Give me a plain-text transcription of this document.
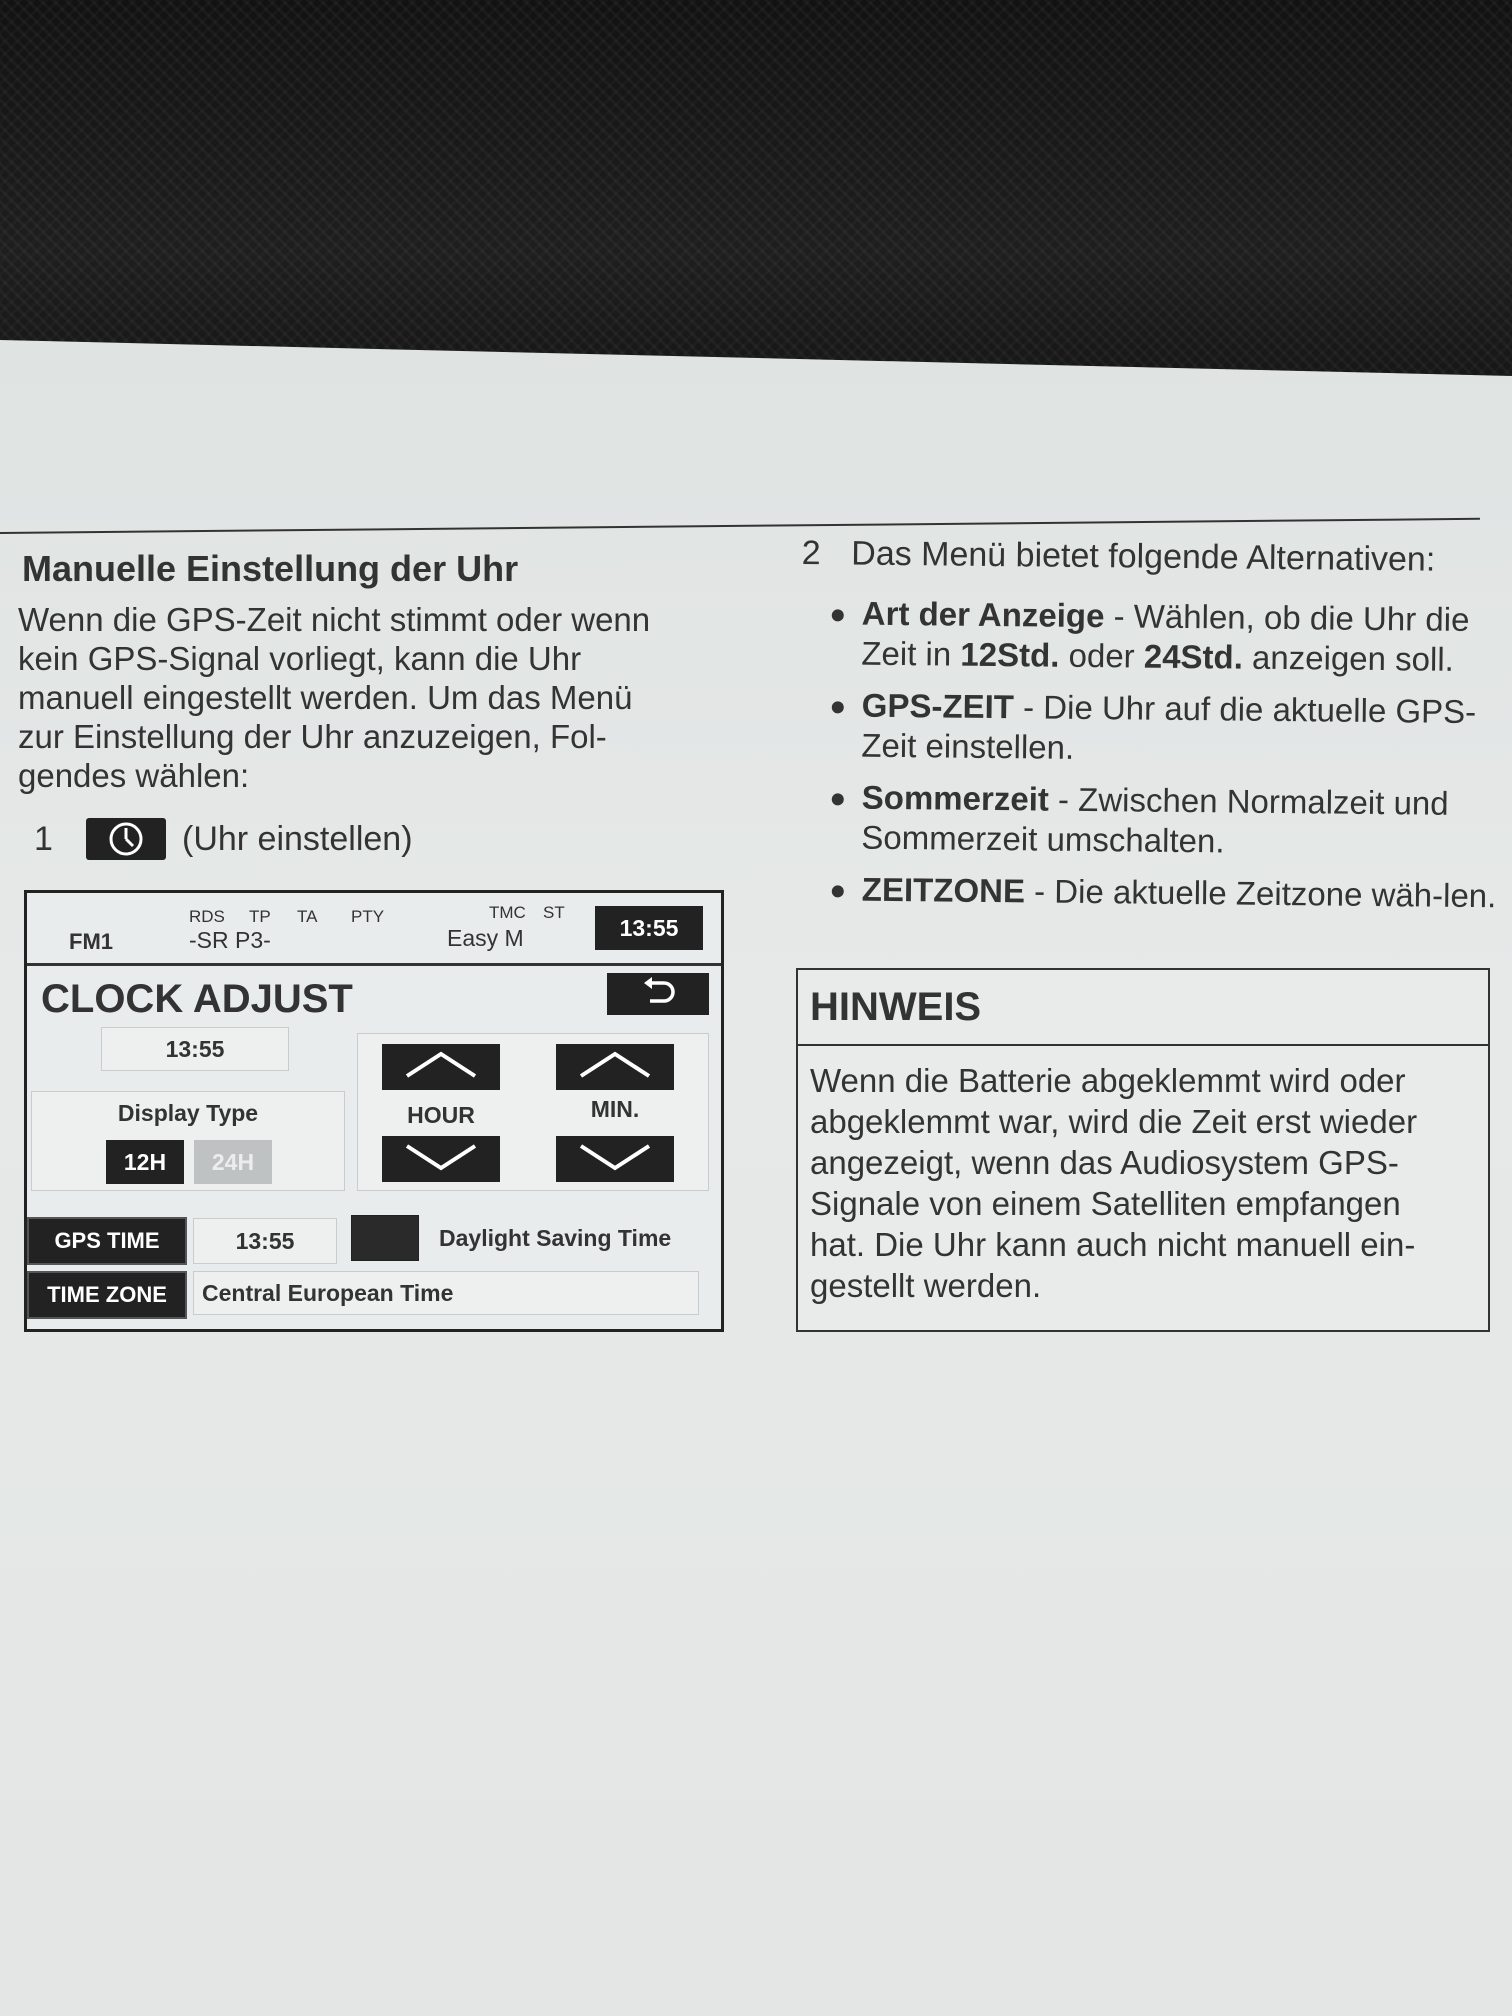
Manuelle Einstellung der Uhr
Wenn die GPS-Zeit nicht stimmt oder wenn
kein GPS-Signal vorliegt, kann die Uhr
manuell eingestellt werden. Um das Menü
zur Einstellung der Uhr anzuzeigen, Fol-
gendes wählen:
1	(Uhr einstellen)
FM1
RDS TP TA PTY	TMC ST
-SR P3-	Easy M	13:55
CLOCK ADJUST
13:55
Display Type
12H	24H
HOUR	MIN.
GPS TIME	13:55	Daylight Saving Time
TIME ZONE	Central European Time
2 Das Menü bietet folgende Alternativen:
Art der Anzeige - Wählen, ob die Uhr die Zeit in 12Std. oder 24Std. anzeigen soll.
GPS-ZEIT - Die Uhr auf die aktuelle GPS-Zeit einstellen.
Sommerzeit - Zwischen Normalzeit und Sommerzeit umschalten.
ZEITZONE - Die aktuelle Zeitzone wäh-len.
HINWEIS
Wenn die Batterie abgeklemmt wird oder
abgeklemmt war, wird die Zeit erst wieder
angezeigt, wenn das Audiosystem GPS-
Signale von einem Satelliten empfangen
hat. Die Uhr kann auch nicht manuell ein-
gestellt werden.
